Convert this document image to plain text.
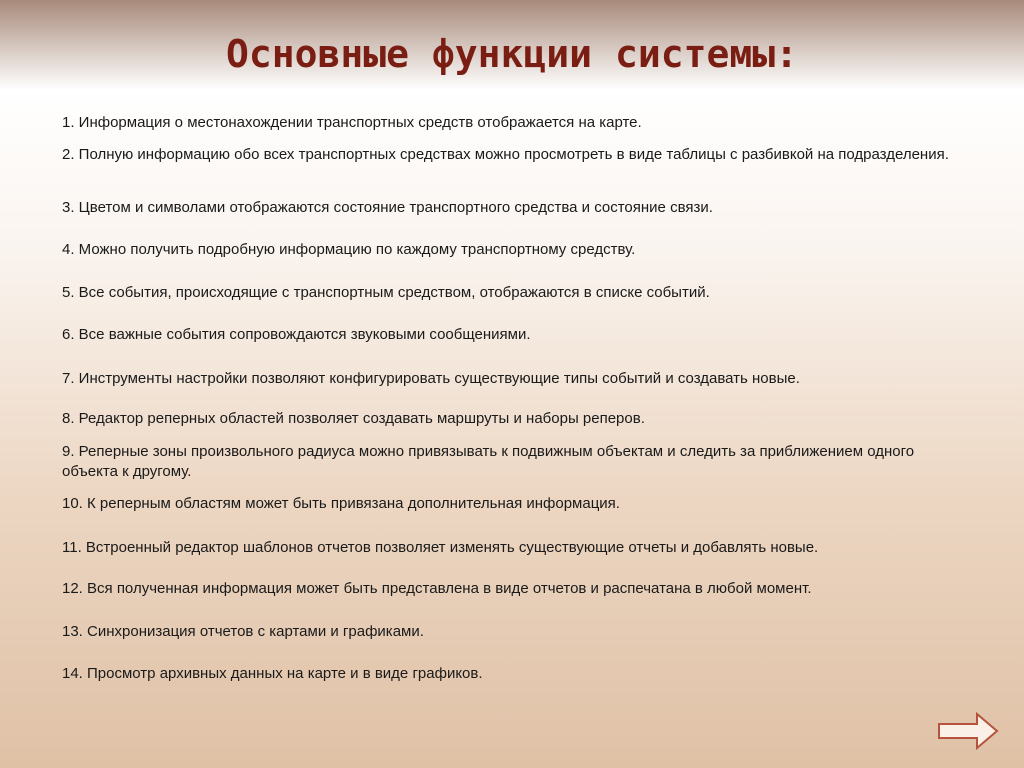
Основные функции системы:
1. Информация о местонахождении транспортных средств отображается на карте.
2. Полную информацию обо всех транспортных средствах можно просмотреть в виде таблицы с разбивкой на подразделения.
3. Цветом и символами отображаются состояние транспортного средства и состояние связи.
4. Можно получить подробную информацию по каждому транспортному средству.
5. Все события, происходящие с транспортным средством, отображаются в списке событий.
6. Все важные события сопровождаются звуковыми сообщениями.
7. Инструменты настройки позволяют конфигурировать существующие типы событий и создавать новые.
8. Редактор реперных областей позволяет создавать маршруты и наборы реперов.
9. Реперные зоны произвольного радиуса можно привязывать к подвижным объектам и следить за приближением одного объекта к другому.
10. К реперным областям может быть привязана дополнительная информация.
11. Встроенный редактор шаблонов отчетов позволяет изменять существующие отчеты и добавлять новые.
12. Вся полученная информация может быть представлена в виде отчетов и распечатана в любой момент.
13. Синхронизация отчетов с картами и графиками.
14. Просмотр архивных данных на карте и в виде графиков.
